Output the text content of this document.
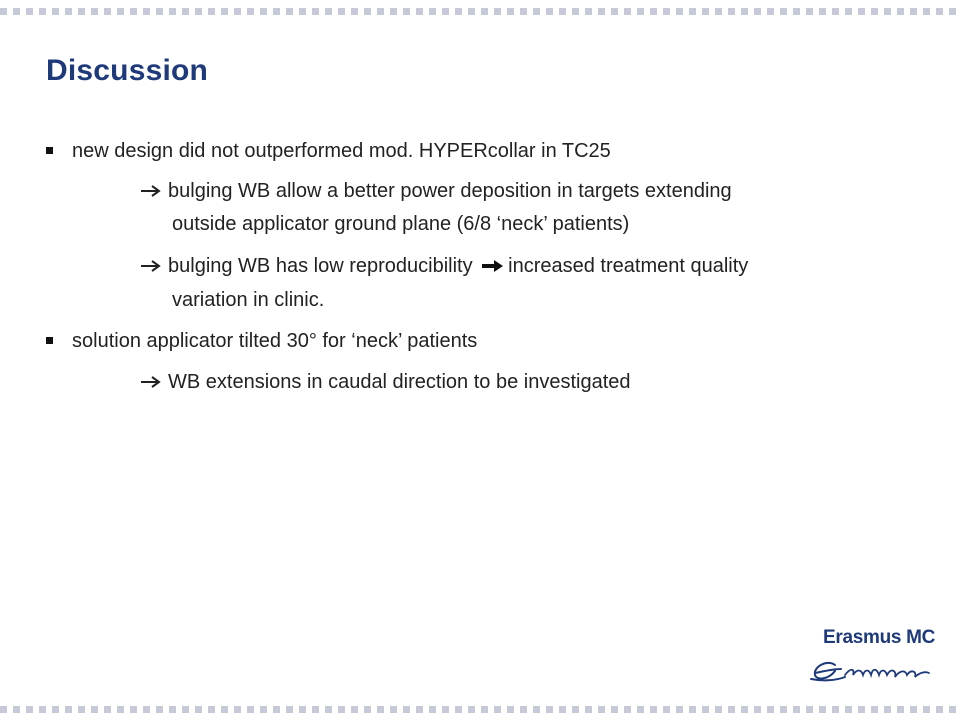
Discussion
new design did not outperformed mod. HYPERcollar in TC25
bulging WB allow a better power deposition in targets extending
outside applicator ground plane (6/8 ‘neck’ patients)
bulging WB has low reproducibility increased treatment quality
variation in clinic.
solution applicator tilted 30° for ‘neck’ patients
WB extensions in caudal direction to be investigated
Erasmus MC
